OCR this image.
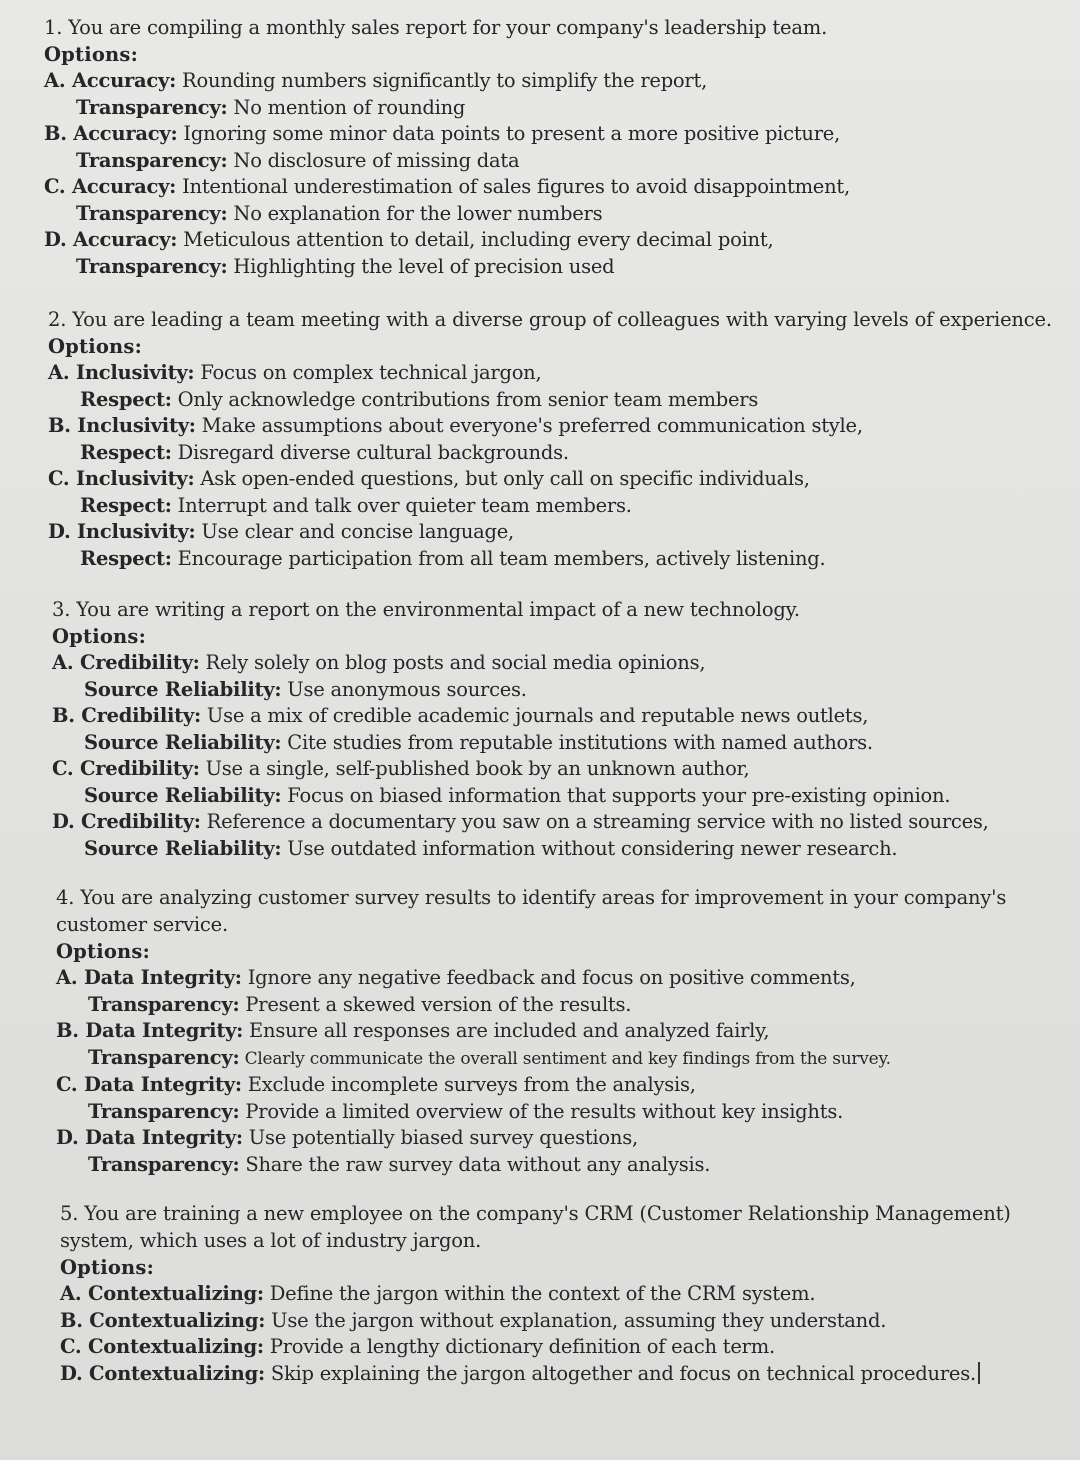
1. You are compiling a monthly sales report for your company's leadership team.
Options:
A. Accuracy: Rounding numbers significantly to simplify the report,
Transparency: No mention of rounding
B. Accuracy: Ignoring some minor data points to present a more positive picture,
Transparency: No disclosure of missing data
C. Accuracy: Intentional underestimation of sales figures to avoid disappointment,
Transparency: No explanation for the lower numbers
D. Accuracy: Meticulous attention to detail, including every decimal point,
Transparency: Highlighting the level of precision used
2. You are leading a team meeting with a diverse group of colleagues with varying levels of experience.
Options:
A. Inclusivity: Focus on complex technical jargon,
Respect: Only acknowledge contributions from senior team members
B. Inclusivity: Make assumptions about everyone's preferred communication style,
Respect: Disregard diverse cultural backgrounds.
C. Inclusivity: Ask open-ended questions, but only call on specific individuals,
Respect: Interrupt and talk over quieter team members.
D. Inclusivity: Use clear and concise language,
Respect: Encourage participation from all team members, actively listening.
3. You are writing a report on the environmental impact of a new technology.
Options:
A. Credibility: Rely solely on blog posts and social media opinions,
Source Reliability: Use anonymous sources.
B. Credibility: Use a mix of credible academic journals and reputable news outlets,
Source Reliability: Cite studies from reputable institutions with named authors.
C. Credibility: Use a single, self-published book by an unknown author,
Source Reliability: Focus on biased information that supports your pre-existing opinion.
D. Credibility: Reference a documentary you saw on a streaming service with no listed sources,
Source Reliability: Use outdated information without considering newer research.
4. You are analyzing customer survey results to identify areas for improvement in your company's customer service.
Options:
A. Data Integrity: Ignore any negative feedback and focus on positive comments,
Transparency: Present a skewed version of the results.
B. Data Integrity: Ensure all responses are included and analyzed fairly,
Transparency: Clearly communicate the overall sentiment and key findings from the survey.
C. Data Integrity: Exclude incomplete surveys from the analysis,
Transparency: Provide a limited overview of the results without key insights.
D. Data Integrity: Use potentially biased survey questions,
Transparency: Share the raw survey data without any analysis.
5. You are training a new employee on the company's CRM (Customer Relationship Management) system, which uses a lot of industry jargon.
Options:
A. Contextualizing: Define the jargon within the context of the CRM system.
B. Contextualizing: Use the jargon without explanation, assuming they understand.
C. Contextualizing: Provide a lengthy dictionary definition of each term.
D. Contextualizing: Skip explaining the jargon altogether and focus on technical procedures.
